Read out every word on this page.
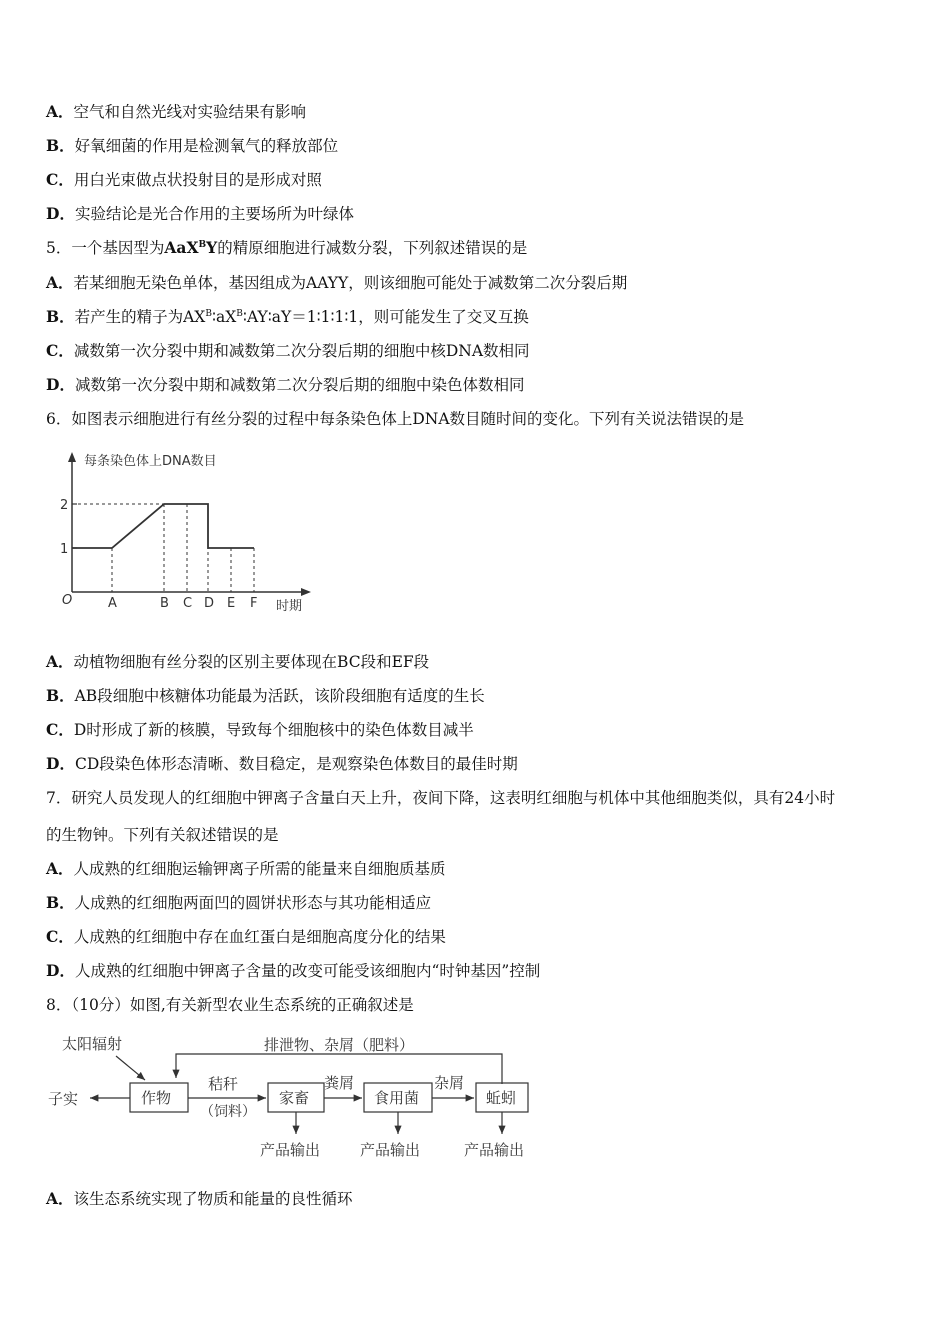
A．空气和自然光线对实验结果有影响
B．好氧细菌的作用是检测氧气的释放部位
C．用白光束做点状投射目的是形成对照
D．实验结论是光合作用的主要场所为叶绿体
5．一个基因型为AaX$^B$Y的精原细胞进行减数分裂，下列叙述错误的是
A．若某细胞无染色单体，基因组成为AAYY，则该细胞可能处于减数第二次分裂后期
B．若产生的精子为$AX^B∶aX^B∶AY∶aY=1∶1∶1∶1$，则可能发生了交叉互换
C．减数第一次分裂中期和减数第二次分裂后期的细胞中核DNA数相同
D．减数第一次分裂中期和减数第二次分裂后期的细胞中染色体数相同
6．如图表示细胞进行有丝分裂的过程中每条染色体上DNA数目随时间的变化。下列有关说法错误的是
每条染色体上DNA数目
O	时期
1
2
A	B C D E F
A．动植物细胞有丝分裂的区别主要体现在BC段和EF段
B．AB段细胞中核糖体功能最为活跃，该阶段细胞有适度的生长
C．D时形成了新的核膜，导致每个细胞核中的染色体数目减半
D．CD段染色体形态清晰、数目稳定，是观察染色体数目的最佳时期
7．研究人员发现人的红细胞中钾离子含量白天上升，夜间下降，这表明红细胞与机体中其他细胞类似，具有24小时
的生物钟。下列有关叙述错误的是
A．人成熟的红细胞运输钾离子所需的能量来自细胞质基质
B．人成熟的红细胞两面凹的圆饼状形态与其功能相适应
C．人成熟的红细胞中存在血红蛋白是细胞高度分化的结果
D．人成熟的红细胞中钾离子含量的改变可能受该细胞内“时钟基因”控制
8．（10分）如图,有关新型农业生态系统的正确叙述是
太阳辐射	排泄物、杂屑（肥料）
子实	作物
秸秆
（饲料）
家畜
产品输出
粪屑
食用菌
产品输出
杂屑
蚯蚓
产品输出
A．该生态系统实现了物质和能量的良性循环
